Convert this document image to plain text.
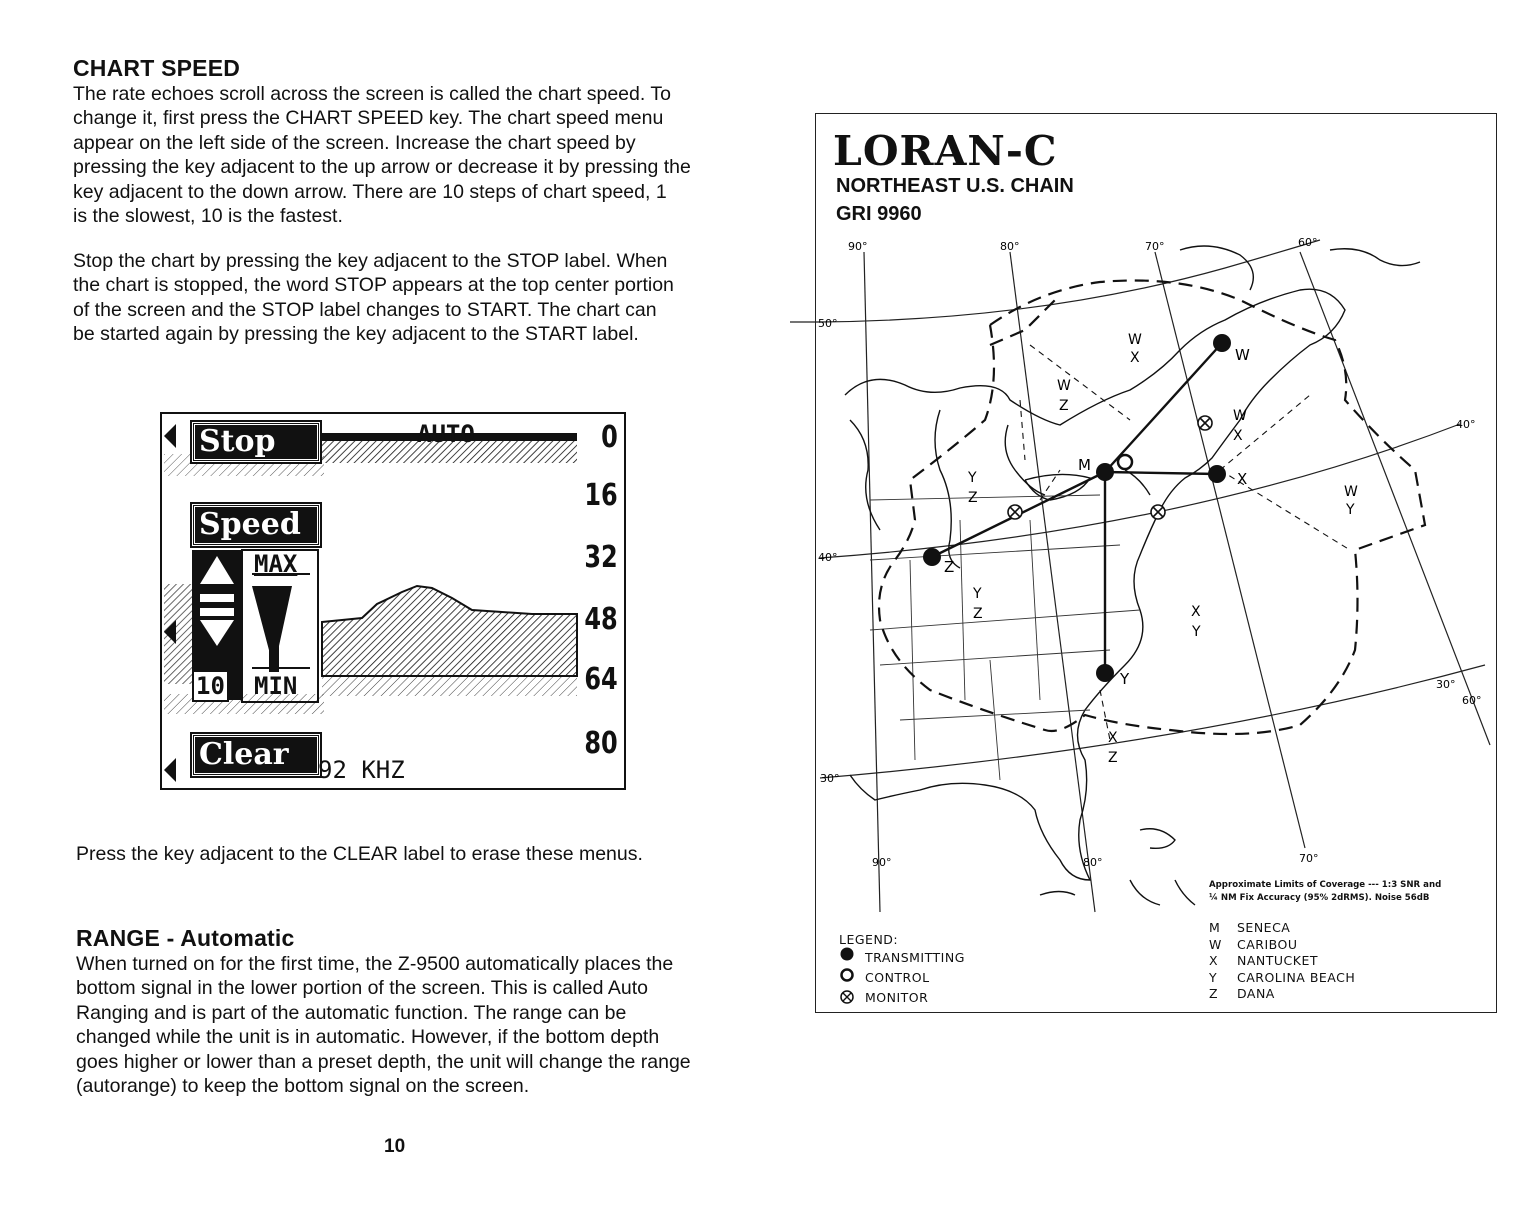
CHART SPEED
The rate echoes scroll across the screen is called the chart speed. To
change it, first press the CHART SPEED key. The chart speed menu
appear on the left side of the screen. Increase the chart speed by
pressing the key adjacent to the up arrow or decrease it by pressing the
key adjacent to the down arrow. There are 10 steps of chart speed, 1
is the slowest, 10 is the fastest.
Stop the chart by pressing the key adjacent to the STOP label. When
the chart is stopped, the word STOP appears at the top center portion
of the screen and the STOP label changes to START. The chart can
be started again by pressing the key adjacent to the START label.
Stop	AUTO
Speed
MAX
MIN
10
Clear	92 KHZ
0
16
32
48
64
80
Press the key adjacent to the CLEAR label to erase these menus.
RANGE - Automatic
When turned on for the first time, the Z-9500 automatically places the
bottom signal in the lower portion of the screen. This is called Auto
Ranging and is part of the automatic function. The range can be
changed while the unit is in automatic. However, if the bottom depth
goes higher or lower than a preset depth, the unit will change the range
(autorange) to keep the bottom signal on the screen.
10
LORAN-C
NORTHEAST U.S. CHAIN
GRI 9960
M
W
X
Y
Z
W
X
W
Z
W
X
Y
Z	W
Y
Y
Z	X
Y
X
Z
90°	80°	70°	60°
50°
40°
30°
40°
30°
60°
90°	80°	70°
Approximate Limits of Coverage --- 1:3 SNR and
¼ NM Fix Accuracy (95% 2dRMS). Noise 56dB
LEGEND:
TRANSMITTING
CONTROL
MONITOR
M SENECA
W CARIBOU
X NANTUCKET
Y CAROLINA BEACH
Z DANA
